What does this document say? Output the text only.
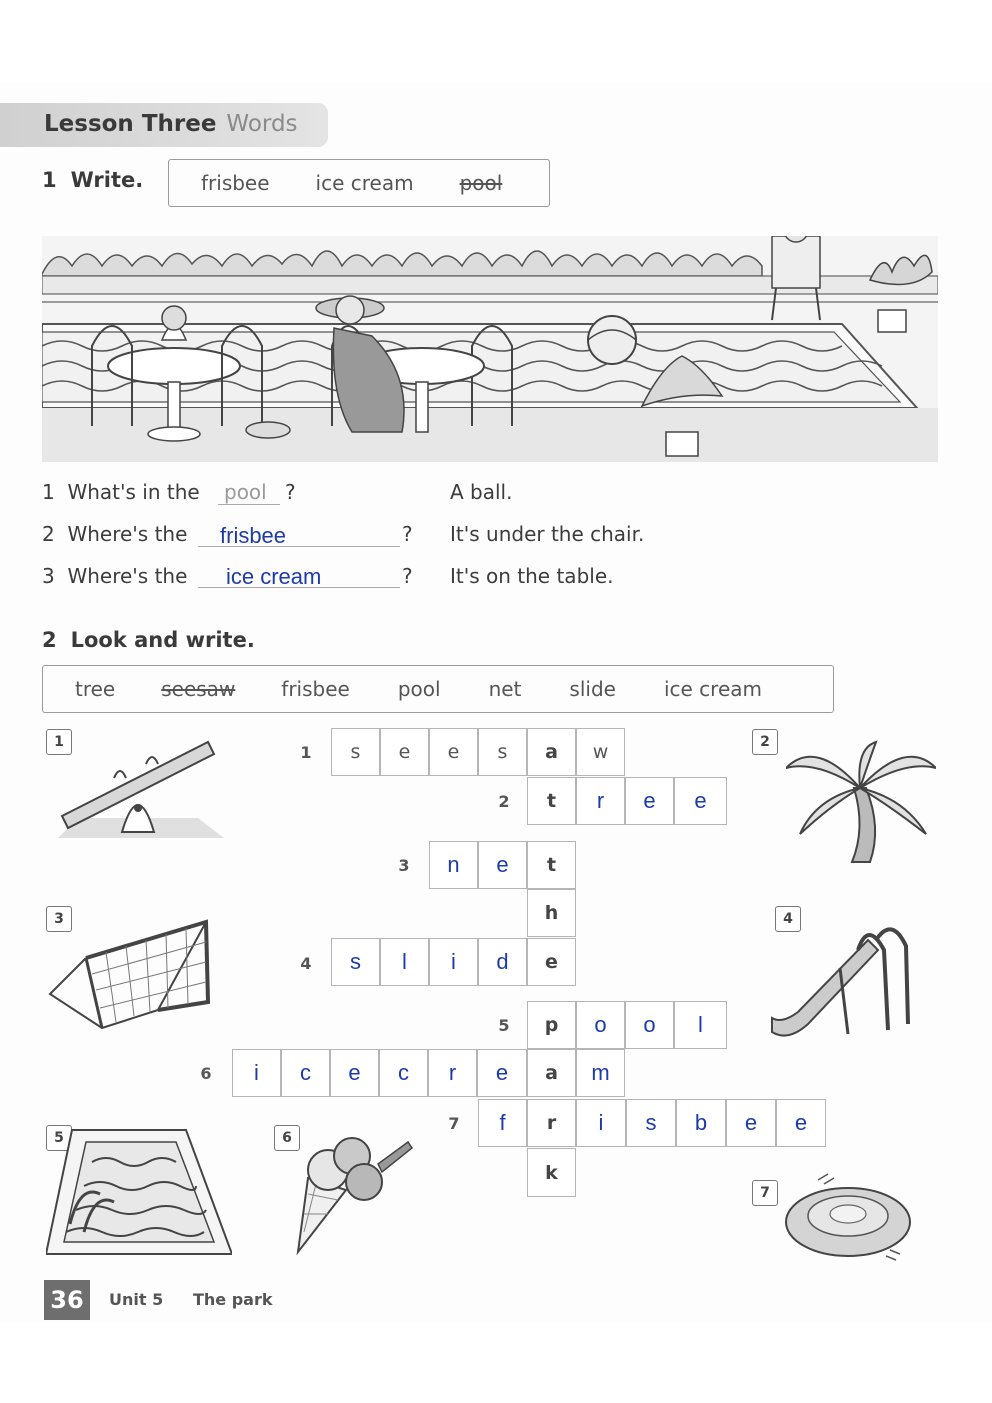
Lesson Three Words
1 Write.	frisbee ice cream pool
1 What's in the pool ?	A ball.
2 Where's the frisbee	? It's under the chair.
3 Where's the ice cream	? It's on the table.
2 Look and write.
tree seesaw frisbee pool net slide ice cream
1
2
3
4
5
6
7
s	e	e	s	a	w
t	r	e	e
n	e	t
h
s	l	i	d	e
p	o	o	l
i	c	e	c	r	e	a	m
f	r	i	s	b	e	e
k
1	2
3	4
5	6
7
36	Unit 5 The park
